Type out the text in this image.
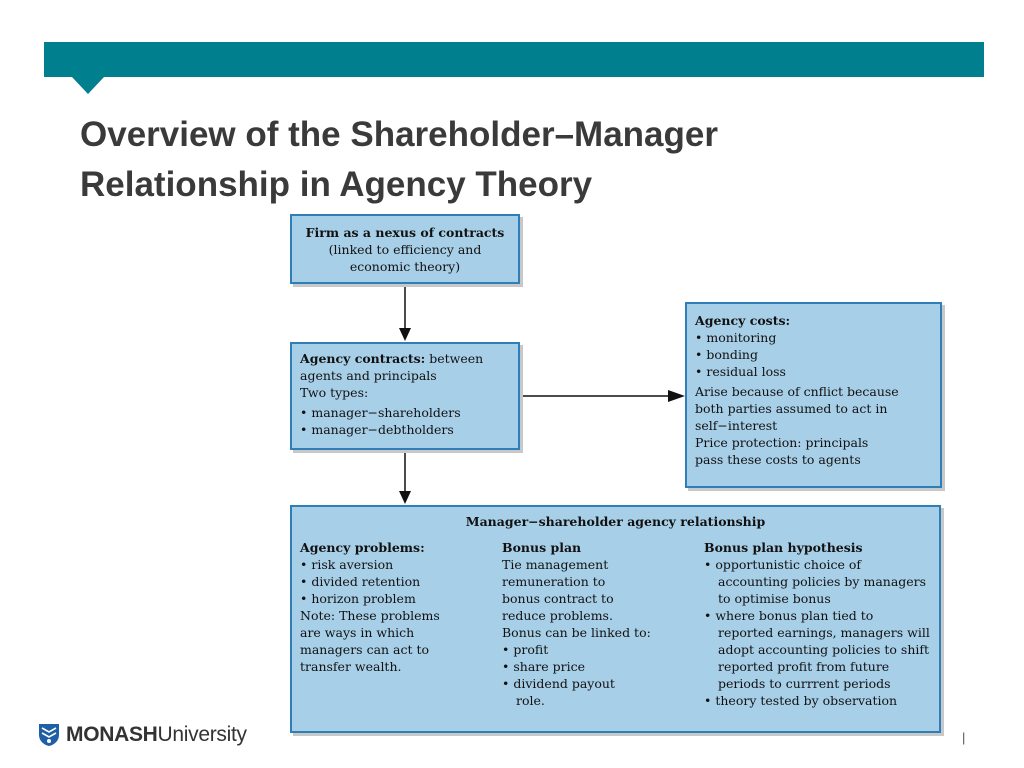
Overview of the Shareholder–Manager
Relationship in Agency Theory
Firm as a nexus of contracts
(linked to efficiency and
economic theory)
Agency contracts: between
agents and principals
Two types:
• manager−shareholders
• manager−debtholders
Agency costs:
• monitoring
• bonding
• residual loss
Arise because of cnflict because
both parties assumed to act in
self−interest
Price protection: principals
pass these costs to agents
Manager−shareholder agency relationship
Agency problems:
• risk aversion
• divided retention
• horizon problem
Note: These problems
are ways in which
managers can act to
transfer wealth.
Bonus plan
Tie management
remuneration to
bonus contract to
reduce problems.
Bonus can be linked to:
• profit
• share price
• dividend payout
role.
Bonus plan hypothesis
• opportunistic choice of accounting policies by managers to optimise bonus
• where bonus plan tied to reported earnings, managers will adopt accounting policies to shift reported profit from future periods to currrent periods
• theory tested by observation
MONASHUniversity	|
